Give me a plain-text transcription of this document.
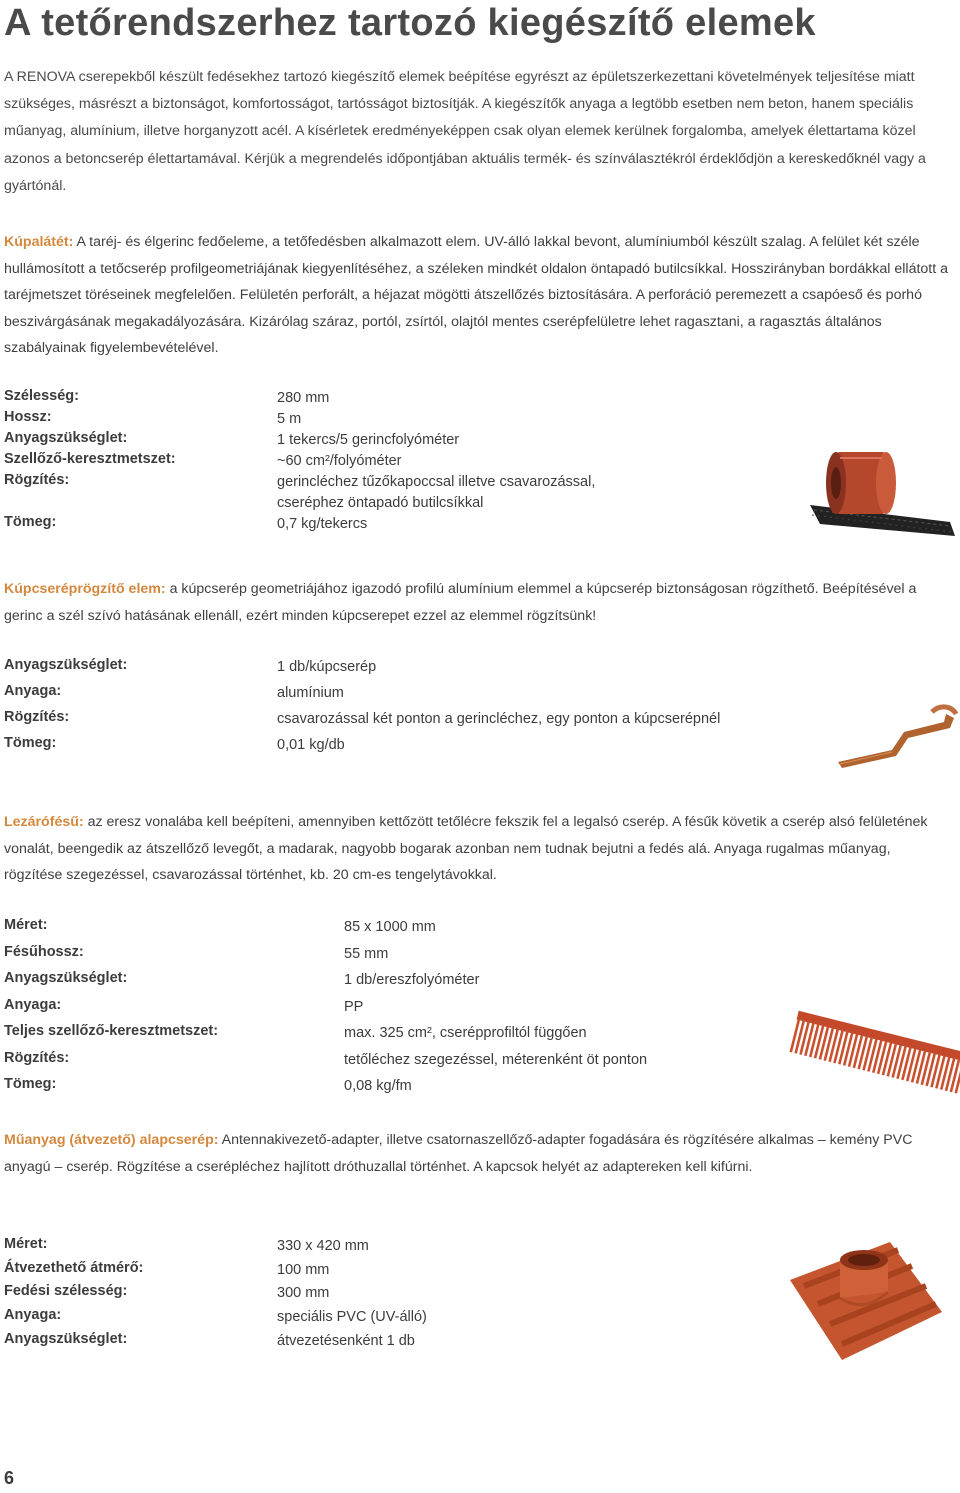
A tetőrendszerhez tartozó kiegészítő elemek
A RENOVA cserepekből készült fedésekhez tartozó kiegészítő elemek beépítése egyrészt az épületszerkezettani követelmények teljesítése miatt szükséges, másrészt a biztonságot, komfortosságot, tartósságot biztosítják. A kiegészítők anyaga a legtöbb esetben nem beton, hanem speciális műanyag, alumínium, illetve horganyzott acél. A kísérletek eredményeképpen csak olyan elemek kerülnek forgalomba, amelyek élettartama közel azonos a betoncserép élettartamával. Kérjük a megrendelés időpontjában aktuális termék- és színválasztékról érdeklődjön a kereskedőknél vagy a gyártónál.
Kúpalátét: A taréj- és élgerinc fedőeleme, a tetőfedésben alkalmazott elem. UV-álló lakkal bevont, alumíniumból készült szalag. A felület két széle hullámosított a tetőcserép profilgeometriájának kiegyenlítéséhez, a széleken mindkét oldalon öntapadó butilcsíkkal. Hosszirányban bordákkal ellátott a taréjmetszet töréseinek megfelelően. Felületén perforált, a héjazat mögötti átszellőzés biztosítására. A perforáció peremezett a csapóeső és porhó beszivárgásának megakadályozására. Kizárólag száraz, portól, zsírtól, olajtól mentes cserépfelületre lehet ragasztani, a ragasztás általános szabályainak figyelembevételével.
Szélesség:	280 mm
Hossz:	5 m
Anyagszükséglet:	1 tekercs/5 gerincfolyóméter
Szellőző-keresztmetszet:	~60 cm²/folyóméter
Rögzítés:	gerincléchez tűzőkapoccsal illetve csavarozással,
cseréphez öntapadó butilcsíkkal
Tömeg:	0,7 kg/tekercs
Kúpcseréprögzítő elem: a kúpcserép geometriájához igazodó profilú alumínium elemmel a kúpcserép biztonságosan rögzíthető. Beépítésével a gerinc a szél szívó hatásának ellenáll, ezért minden kúpcserepet ezzel az elemmel rögzítsünk!
Anyagszükséglet:	1 db/kúpcserép
Anyaga:	alumínium
Rögzítés:	csavarozással két ponton a gerincléchez, egy ponton a kúpcserépnél
Tömeg:	0,01 kg/db
Lezárófésű: az eresz vonalába kell beépíteni, amennyiben kettőzött tetőlécre fekszik fel a legalsó cserép. A fésűk követik a cserép alsó felületének vonalát, beengedik az átszellőző levegőt, a madarak, nagyobb bogarak azonban nem tudnak bejutni a fedés alá. Anyaga rugalmas műanyag, rögzítése szegezéssel, csavarozással történhet, kb. 20 cm-es tengelytávokkal.
Méret:	85 x 1000 mm
Fésűhossz:	55 mm
Anyagszükséglet:	1 db/ereszfolyóméter
Anyaga:	PP
Teljes szellőző-keresztmetszet:	max. 325 cm², cserépprofiltól függően
Rögzítés:	tetőléchez szegezéssel, méterenként öt ponton
Tömeg:	0,08 kg/fm
Műanyag (átvezető) alapcserép: Antennakivezető-adapter, illetve csatornaszellőző-adapter fogadására és rögzítésére alkalmas – kemény PVC anyagú – cserép. Rögzítése a cserépléchez hajlított dróthuzallal történhet. A kapcsok helyét az adaptereken kell kifúrni.
Méret:	330 x 420 mm
Átvezethető átmérő:	100 mm
Fedési szélesség:	300 mm
Anyaga:	speciális PVC (UV-álló)
Anyagszükséglet:	átvezetésenként 1 db
6
